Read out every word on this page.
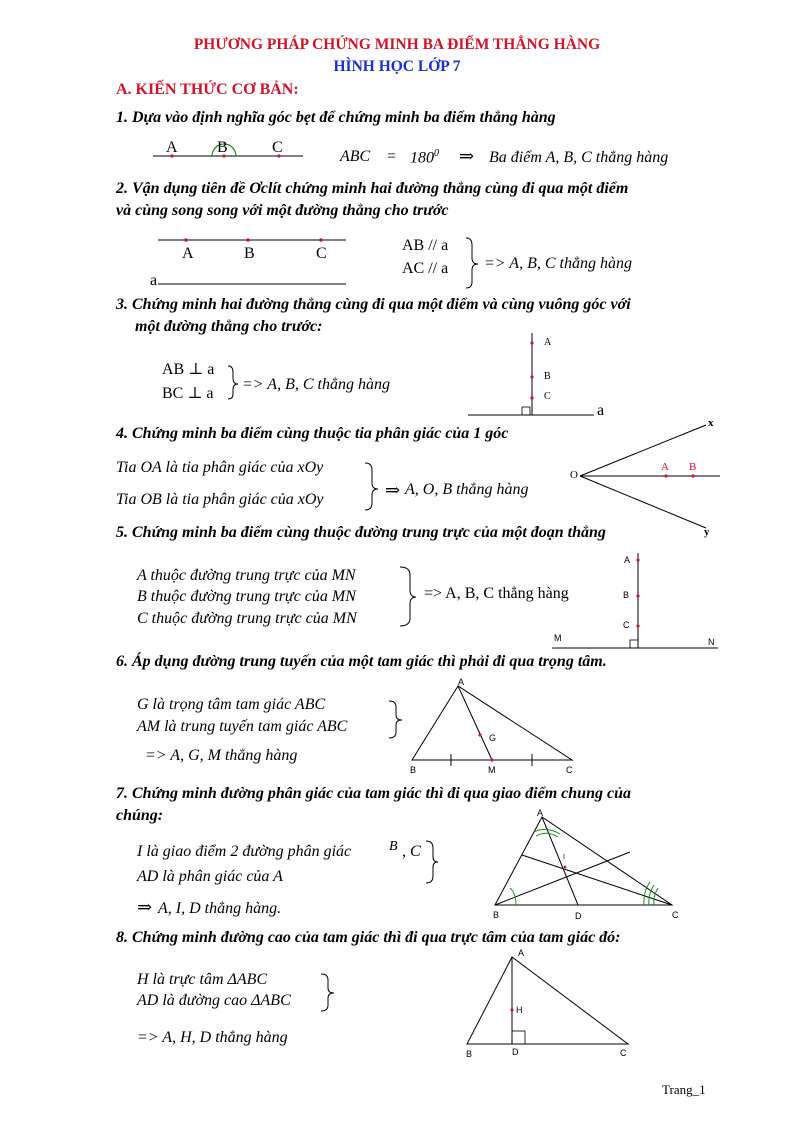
PHƯƠNG PHÁP CHỨNG MINH BA ĐIỂM THẲNG HÀNG
HÌNH HỌC LỚP 7
A. KIẾN THỨC CƠ BẢN:
1. Dựa vào định nghĩa góc bẹt để chứng minh ba điểm thẳng hàng
A B	C
ABC = $180^0$ ⇒ Ba điểm A, B, C thẳng hàng
2. Vận dụng tiên đề Ơclít chứng minh hai đường thẳng cùng đi qua một điểm
và cùng song song với một đường thẳng cho trước
A	B	C
a
AB // a
AC // a => A, B, C thẳng hàng
3. Chứng minh hai đường thẳng cùng đi qua một điểm và cùng vuông góc với
một đường thẳng cho trước:
AB ⊥ a
BC ⊥ a
=> A, B, C thẳng hàng
A
B
C
a
4. Chứng minh ba điểm cùng thuộc tia phân giác của 1 góc
Tia OA là tia phân giác của xOy
Tia OB là tia phân giác của xOy	⇒ A, O, B thẳng hàng
O
A B
x
y
5. Chứng minh ba điểm cùng thuộc đường trung trực của một đoạn thẳng
A thuộc đường trung trực của MN
B thuộc đường trung trực của MN
C thuộc đường trung trực của MN
=> A, B, C thẳng hàng
A
B
C
M	N
6. Áp dụng đường trung tuyến của một tam giác thì phải đi qua trọng tâm.
G là trọng tâm tam giác ABC
AM là trung tuyến tam giác ABC
=> A, G, M thẳng hàng
A
B	C
G
M
7. Chứng minh đường phân giác của tam giác thì đi qua giao điểm chung của
chúng:
I là giao điểm 2 đường phân giác	B , C
AD là phân giác của A
⇒ A, I, D thẳng hàng.
A
B	C
D
I
8. Chứng minh đường cao của tam giác thì đi qua trực tâm của tam giác đó:
H là trực tâm ΔABC
AD là đường cao ΔABC
=> A, H, D thẳng hàng
A
B	C
D
H
Trang_1
